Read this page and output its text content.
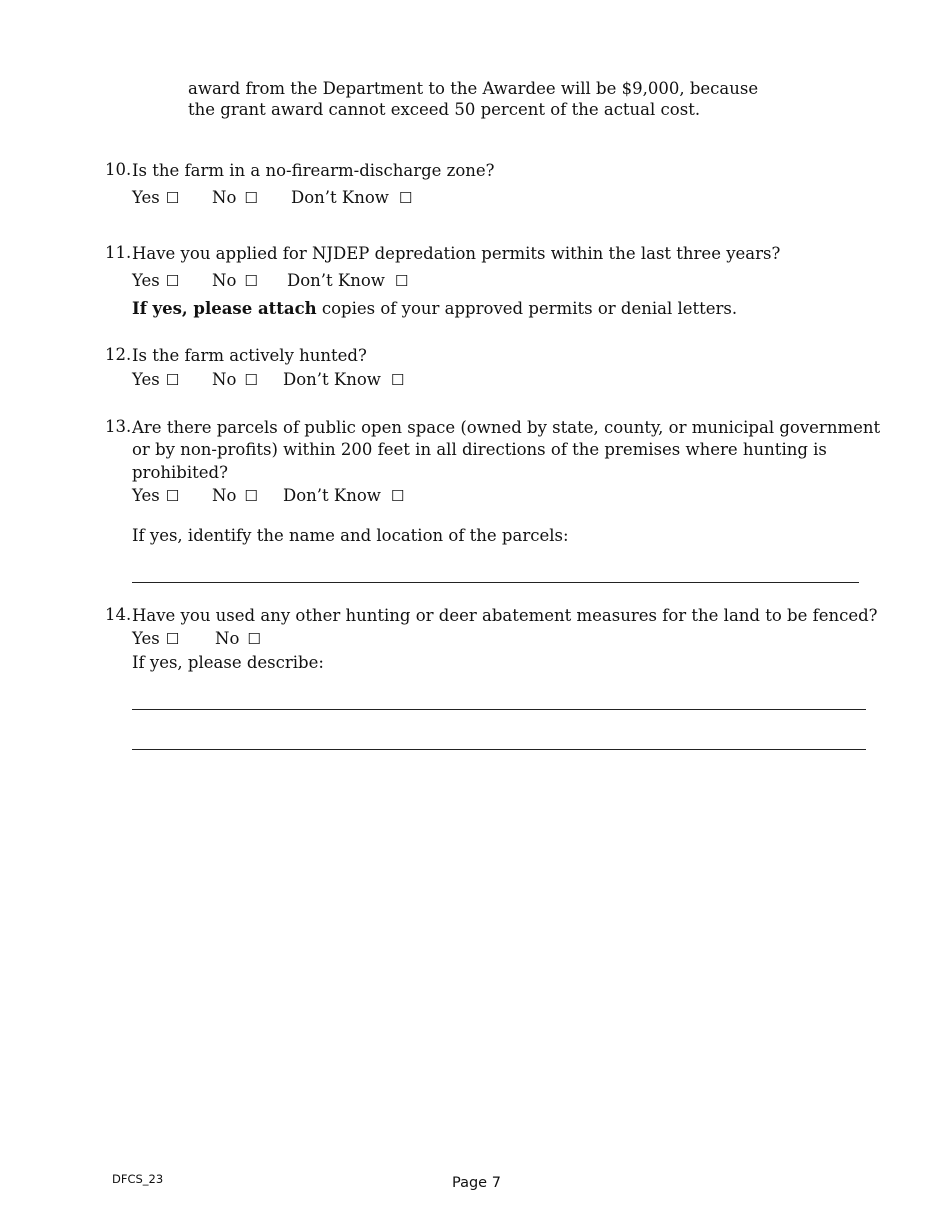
award from the Department to the Awardee will be $9,000, because
the grant award cannot exceed 50 percent of the actual cost.
10. Is the farm in a no-firearm-discharge zone?
Yes ☐ No ☐ Don’t Know ☐
11. Have you applied for NJDEP depredation permits within the last three years?
Yes ☐ No ☐ Don’t Know ☐
If yes, please attach copies of your approved permits or denial letters.
12. Is the farm actively hunted?
Yes ☐ No ☐ Don’t Know ☐
13. Are there parcels of public open space (owned by state, county, or municipal government
or by non-profits) within 200 feet in all directions of the premises where hunting is
prohibited?
Yes ☐ No ☐ Don’t Know ☐
If yes, identify the name and location of the parcels:
14. Have you used any other hunting or deer abatement measures for the land to be fenced?
Yes ☐ No ☐
If yes, please describe:
DFCS_23	Page 7
